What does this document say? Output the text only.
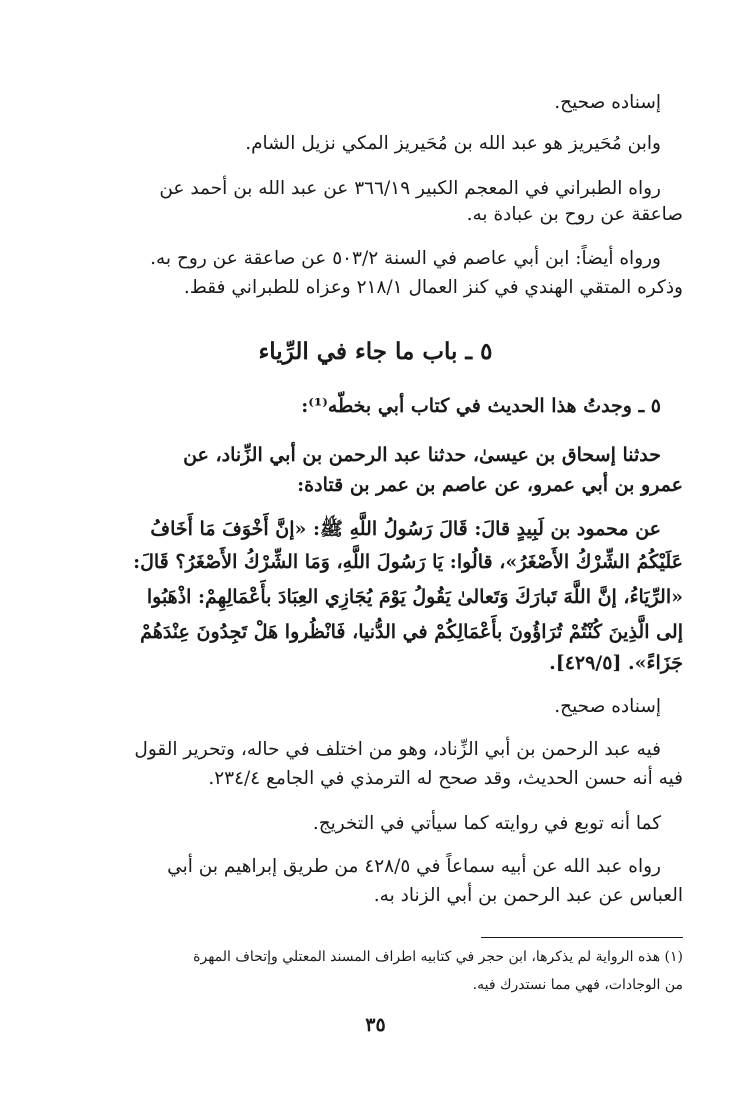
إسناده صحيح.
وابن مُحَيريز هو عبد الله بن مُحَيريز المكي نزيل الشام.
رواه الطبراني في المعجم الكبير ٣٦٦/١٩ عن عبد الله بن أحمد عن
صاعقة عن روح بن عبادة به.
ورواه أيضاً: ابن أبي عاصم في السنة ٥٠٣/٢ عن صاعقة عن روح به.
وذكره المتقي الهندي في كنز العمال ٢١٨/١ وعزاه للطبراني فقط.
٥ ـ باب ما جاء في الرِّياء
٥ ـ وجدتُ هذا الحديث في كتاب أبي بخطّه⁽¹⁾:
حدثنا إسحاق بن عيسىٰ، حدثنا عبد الرحمن بن أبي الزِّناد، عن
عمرو بن أبي عمرو، عن عاصم بن عمر بن قتادة:
عن محمود بن لَبِيدٍ قالَ: قَالَ رَسُولُ اللَّهِ ﷺ: «إنَّ أَخْوَفَ مَا أَخَافُ
عَلَيْكُمُ الشِّرْكُ الأَصْغَرُ»، قالُوا: يَا رَسُولَ اللَّهِ، وَمَا الشِّرْكُ الأَصْغَرُ؟ قَالَ:
«الرِّيَاءُ، إنَّ اللَّهَ تَبارَكَ وَتَعالىٰ يَقُولُ يَوْمَ يُجَازِي العِبَادَ بأَعْمَالِهِمْ: اذْهَبُوا
إلى الَّذِينَ كُنْتُمْ تُرَاؤُونَ بأَعْمَالِكُمْ في الدُّنيا، فَانْظُروا هَلْ تَجِدُونَ عِنْدَهُمْ
جَزَاءً». [٤٢٩/٥].
إسناده صحيح.
فيه عبد الرحمن بن أبي الزِّناد، وهو من اختلف في حاله، وتحرير القول
فيه أنه حسن الحديث، وقد صحح له الترمذي في الجامع ٢٣٤/٤.
كما أنه توبع في روايته كما سيأتي في التخريج.
رواه عبد الله عن أبيه سماعاً في ٤٢٨/٥ من طريق إبراهيم بن أبي
العباس عن عبد الرحمن بن أبي الزناد به.
(١) هذه الرواية لم يذكرها، ابن حجر في كتابيه اطراف المسند المعتلي وإتحاف المهرة
من الوجادات، فهي مما نستدرك فيه.
٣٥
